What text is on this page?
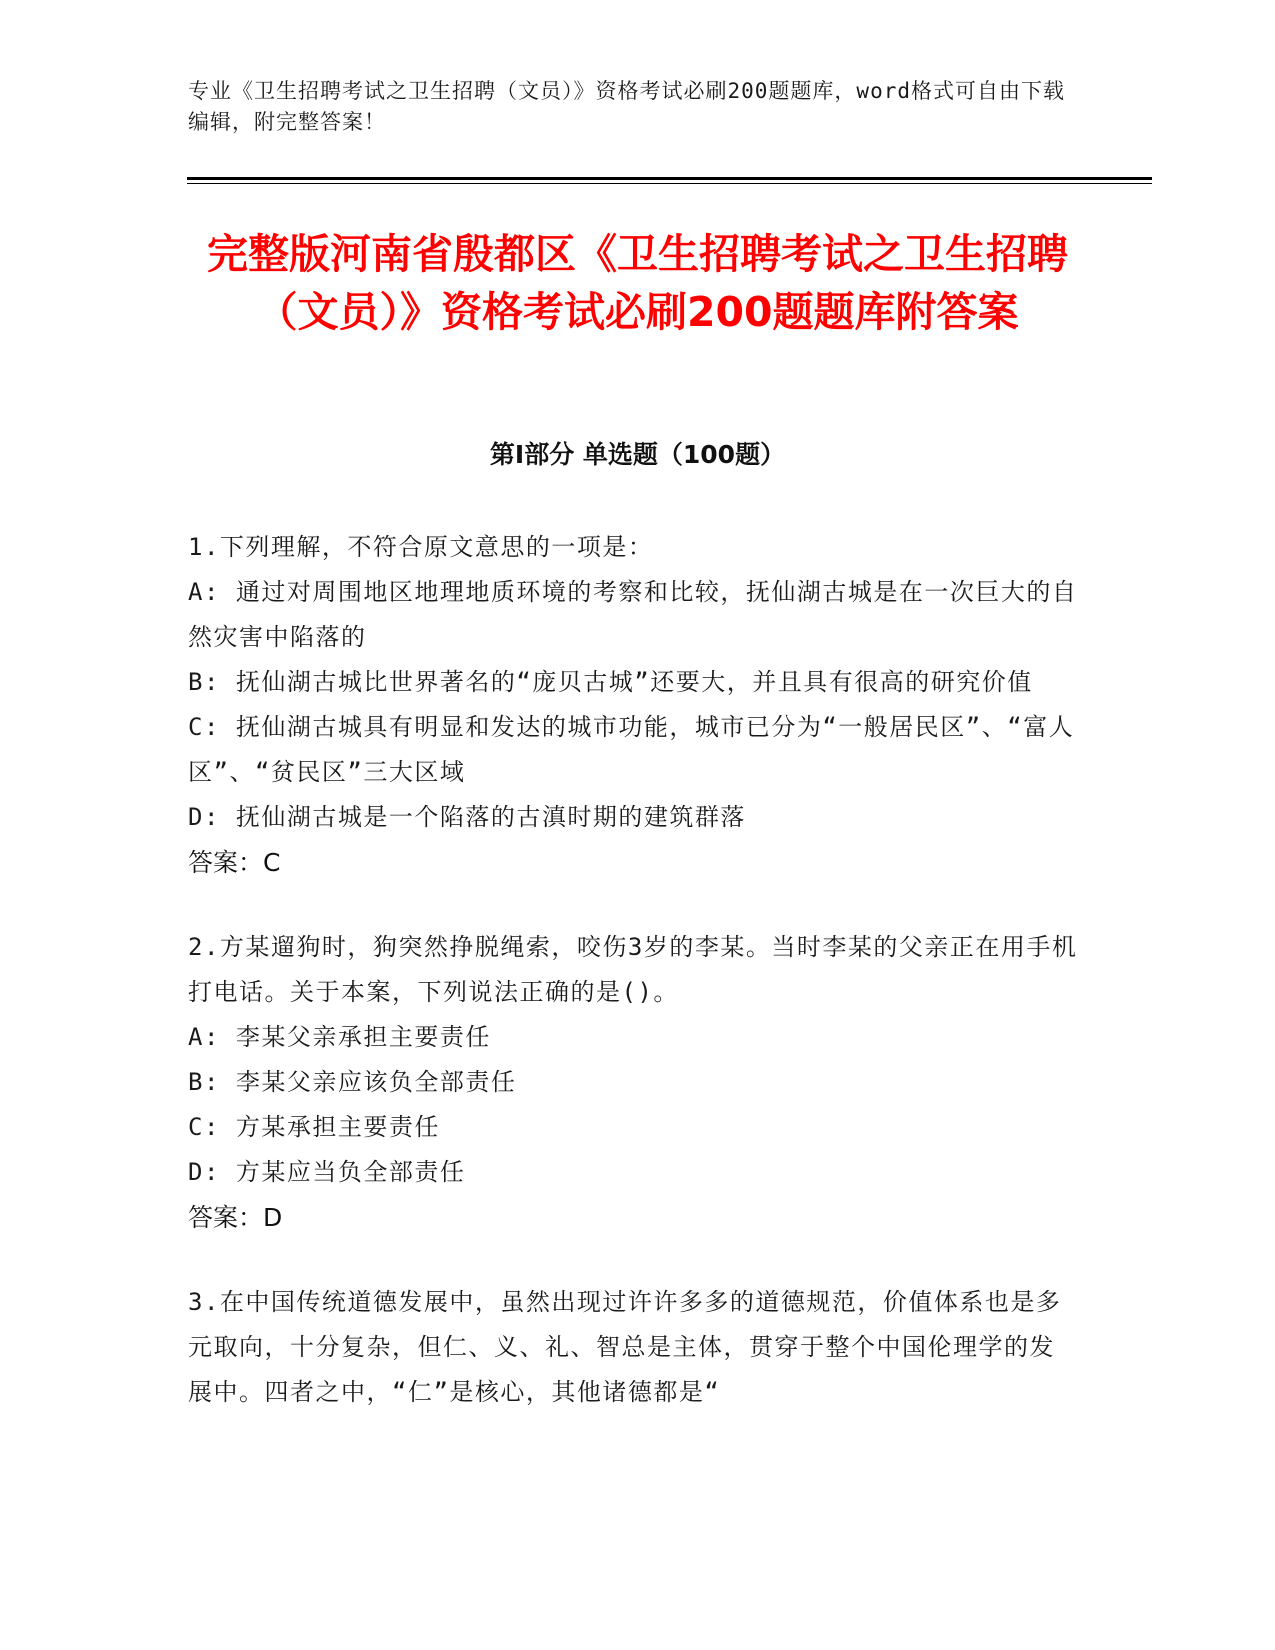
专业《卫生招聘考试之卫生招聘（文员）》资格考试必刷200题题库，word格式可自由下载编辑，附完整答案！
完整版河南省殷都区《卫生招聘考试之卫生招聘（文员）》资格考试必刷200题题库附答案
第I部分 单选题（100题）
1.下列理解，不符合原文意思的一项是：
A: 通过对周围地区地理地质环境的考察和比较，抚仙湖古城是在一次巨大的自然灾害中陷落的
B: 抚仙湖古城比世界著名的“庞贝古城”还要大，并且具有很高的研究价值
C: 抚仙湖古城具有明显和发达的城市功能，城市已分为“一般居民区”、“富人区”、“贫民区”三大区域
D: 抚仙湖古城是一个陷落的古滇时期的建筑群落
答案：C
2.方某遛狗时，狗突然挣脱绳索，咬伤3岁的李某。当时李某的父亲正在用手机打电话。关于本案，下列说法正确的是()。
A: 李某父亲承担主要责任
B: 李某父亲应该负全部责任
C: 方某承担主要责任
D: 方某应当负全部责任
答案：D
3.在中国传统道德发展中，虽然出现过许许多多的道德规范，价值体系也是多元取向，十分复杂，但仁、义、礼、智总是主体，贯穿于整个中国伦理学的发展中。四者之中，“仁”是核心，其他诸德都是“
